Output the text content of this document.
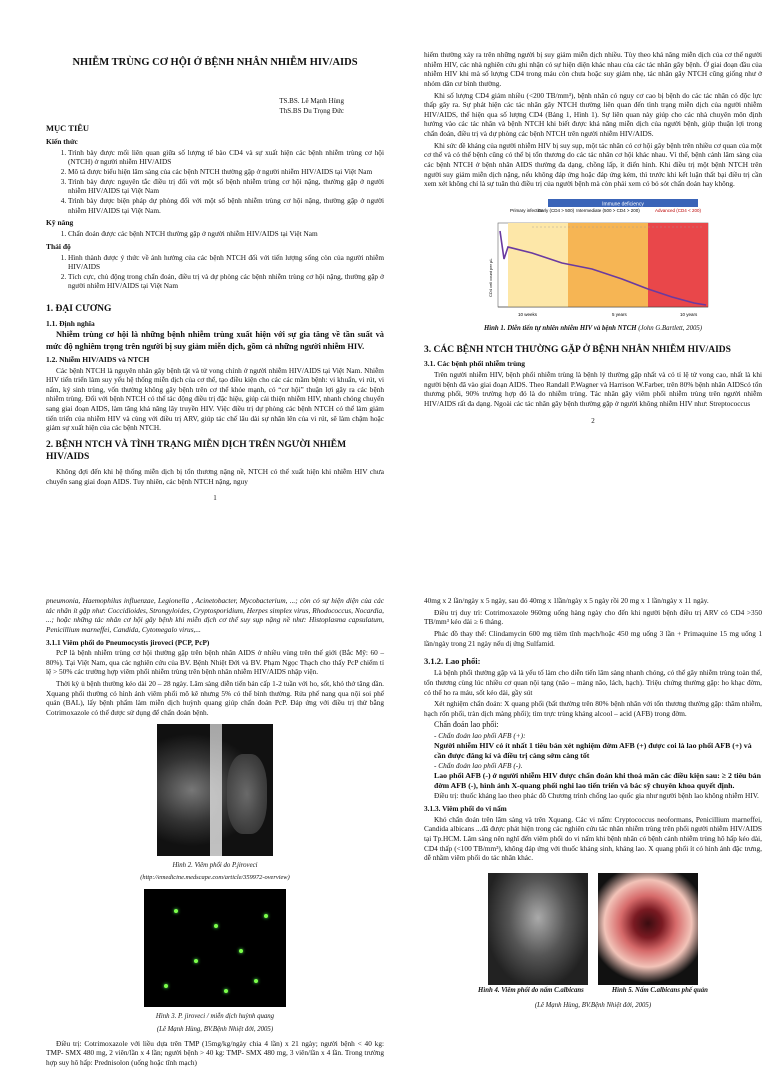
NHIỄM TRÙNG CƠ HỘI Ở BỆNH NHÂN NHIỄM HIV/AIDS
TS.BS. Lê Mạnh Hùng
ThS.BS Du Trọng Đức
MỤC TIÊU
Kiến thức
1. Trình bày được mối liên quan giữa số lượng tế bào CD4 và sự xuất hiện các bệnh nhiễm trùng cơ hội (NTCH) ở người nhiễm HIV/AIDS
2. Mô tả được biểu hiện lâm sàng của các bệnh NTCH thường gặp ở người nhiễm HIV/AIDS tại Việt Nam
3. Trình bày được nguyên tắc điều trị đối với một số bệnh nhiễm trùng cơ hội nặng, thường gặp ở người nhiễm HIV/AIDS tại Việt Nam
4. Trình bày được biện pháp dự phòng đối với một số bệnh nhiễm trùng cơ hội nặng, thường gặp ở người nhiễm HIV/AIDS tại Việt Nam.
Kỹ năng
1. Chẩn đoán được các bệnh NTCH thường gặp ở người nhiễm HIV/AIDS tại Việt Nam
Thái độ
1. Hình thành được ý thức về ảnh hưởng của các bệnh NTCH đối với tiến lượng sống còn của người nhiễm HIV/AIDS
2. Tích cực, chủ động trong chẩn đoán, điều trị và dự phòng các bệnh nhiễm trùng cơ hội nặng, thường gặp ở người nhiễm HIV/AIDS tại Việt Nam
1. ĐẠI CƯƠNG
1.1. Định nghĩa

Nhiễm trùng cơ hội là những bệnh nhiễm trùng xuất hiện với sự gia tăng về tần suất và mức độ nghiêm trọng trên người bị suy giảm miễn dịch, gồm cả những người nhiễm HIV.

1.2. Nhiễm HIV/AIDS và NTCH

Các bệnh NTCH là nguyên nhân gây bệnh tật và tử vong chính ở người nhiễm HIV/AIDS tại Việt Nam. Nhiễm HIV tiến triển làm suy yếu hệ thống miễn dịch của cơ thể, tạo điều kiện cho các các mầm bệnh: vi khuẩn, vi rút, vi nấm, ký sinh trùng, vốn thường không gây bệnh trên cơ thể khỏe mạnh, có “cơ hội” thuận lợi gây ra các bệnh nhiễm trùng. Đối với bệnh NTCH có thể tác động điều trị đặc hiệu, giúp cải thiện nhiễm HIV, nhanh chóng chuyển sang giai đoạn AIDS, làm tăng khả năng lây truyền HIV. Việc điều trị dự phòng các bệnh NTCH có thể làm giảm tiến triển của nhiễm HIV và cùng với điều trị ARV, giúp tác chế lâu dài sự nhân lên của vi rút, sẽ làm chậm hoặc giảm sự xuất hiện của các bệnh NTCH.

2. BỆNH NTCH VÀ TÌNH TRẠNG MIỄN DỊCH TRÊN NGƯỜI NHIỄM HIV/AIDS

Không đợi đến khi hệ thống miễn dịch bị tổn thương nặng nề, NTCH có thể xuất hiện khi nhiễm HIV chưa chuyển sang giai đoạn AIDS. Tuy nhiên, các bệnh NTCH nặng, nguy

1

hiểm thường xảy ra trên những người bị suy giảm miễn dịch nhiều. Tùy theo khả năng miễn dịch của cơ thể người nhiễm HIV, các nhà nghiên cứu ghi nhận có sự hiện diện khác nhau của các tác nhân gây bệnh. Ở giai đoạn đầu của nhiễm HIV khi mà số lượng CD4 trong máu còn chưa hoặc suy giảm nhẹ, tác nhân gây NTCH cũng giống như ở nhóm dân cư bình thường.

Khi số lượng CD4 giảm nhiều (<200 TB/mm³), bệnh nhân có nguy cơ cao bị bệnh do các tác nhân có độc lực thấp gây ra. Sự phát hiện các tác nhân gây NTCH thường liên quan đến tình trạng miễn dịch của người nhiễm HIV/AIDS, thể hiện qua số lượng CD4 (Bảng 1, Hình 1). Sự liên quan này giúp cho các nhà chuyên môn định hướng vào các tác nhân và bệnh NTCH khi biết được khả năng miễn dịch của người bệnh, giúp thuận lợi trong chẩn đoán, điều trị và dự phòng các bệnh NTCH trên người nhiễm HIV/AIDS.

Khi sức đề kháng của người nhiễm HIV bị suy sụp, một tác nhân có cơ hội gây bệnh trên nhiều cơ quan của một cơ thể và có thể bệnh cũng có thể bị tổn thương do các tác nhân cơ hội khác nhau. Vì thế, bệnh cảnh lâm sàng của các bệnh NTCH ở bệnh nhân AIDS thường đa dạng, chồng lấp, ít điển hình. Khi điều trị một bệnh NTCH trên người suy giảm miễn dịch nặng, nếu không đáp ứng hoặc đáp ứng kém, thì trước khi kết luận thất bại điều trị cần xem xét không chỉ là sự tuân thủ điều trị của người bệnh mà còn phải xem có bỏ sót chẩn đoán hay không.

Immune deficiency
Primary infection
Early (CD4 > 500) Intermediate (500 > CD4 > 200)	Advanced (CD4 < 200)
CD4 cell count per µL
10 weeks	5 years	10 years
Hình 1. Diễn tiến tự nhiên nhiễm HIV và bệnh NTCH (John G.Bartlett, 2005)
3. CÁC BỆNH NTCH THƯỜNG GẶP Ở BỆNH NHÂN NHIỄM HIV/AIDS
3.1. Các bệnh phổi nhiễm trùng

Trên người nhiễm HIV, bệnh phổi nhiễm trùng là bệnh lý thường gặp nhất và có tỉ lệ tử vong cao, nhất là khi người bệnh đã vào giai đoạn AIDS. Theo Randall P.Wagner và Harrison W.Farber, trên 80% bệnh nhân AIDScó tổn thương phổi, 90% trường hợp đó là do nhiễm trùng. Tác nhân gây viêm phổi nhiễm trùng trên người nhiễm HIV/AIDS rất đa dạng. Ngoài các tác nhân gây bệnh thường gặp ở người không nhiễm HIV như: Streptococcus

2

pneumonia, Haemophilus influenzae, Legionella , Acinetobacter, Mycobacterium, ...; còn có sự hiện diện của các tác nhân ít gặp như: Coccidioides, Strongyloides, Cryptosporidium, Herpes simplex virus, Rhodococcus, Nocardia, ...; hoặc những tác nhân cơ hội gây bệnh khi miễn dịch cơ thể suy sụp nặng nề như: Histoplasma capsulatum, Penicillium marneffei, Candida, Cytomegalo virus,...

3.1.1 Viêm phổi do Pneumocystis jiroveci (PCP, PcP)

PcP là bệnh nhiễm trùng cơ hội thường gặp trên bệnh nhân AIDS ở nhiều vùng trên thế giới (Bắc Mỹ: 60 – 80%). Tại Việt Nam, qua các nghiên cứu của BV. Bệnh Nhiệt Đới và BV. Phạm Ngọc Thạch cho thấy PcP chiếm tỉ lệ > 50% các trường hợp viêm phổi nhiễm trùng trên bệnh nhân nhiễm HIV/AIDS nhập viện.

Thời kỳ ủ bệnh thường kéo dài 20 – 28 ngày. Lâm sàng diễn tiến bán cấp 1-2 tuần với ho, sốt, khó thở tăng dần. Xquang phổi thường có hình ảnh viêm phổi mô kẽ nhưng 5% có thể bình thường. Rửa phế nang qua nội soi phế quản (BAL), lấy bệnh phẩm làm miễn dịch huỳnh quang giúp chẩn đoán PcP. Đáp ứng với điều trị thử bằng Cotrimoxazole có thể được sử dụng để chẩn đoán bệnh.

Hình 2. Viêm phổi do P.jiroveci
(http://emedicine.medscape.com/article/359972-overview)
Hình 3. P. jiroveci / miễn dịch huỳnh quang
(Lê Mạnh Hùng, BV.Bệnh Nhiệt đới, 2005)

Điều trị: Cotrimoxazole với liều dựa trên TMP (15mg/kg/ngày chia 4 lần) x 21 ngày; người bệnh < 40 kg: TMP- SMX 480 mg, 2 viên/lần x 4 lần; người bệnh > 40 kg: TMP- SMX 480 mg, 3 viên/lần x 4 lần. Trong trường hợp suy hô hấp: Prednisolon (uống hoặc tĩnh mạch)

40mg x 2 lần/ngày x 5 ngày, sau đó 40mg x 1lần/ngày x 5 ngày rồi 20 mg x 1 lần/ngày x 11 ngày.

Điều trị duy trì: Cotrimoxazole 960mg uống hàng ngày cho đến khi người bệnh điều trị ARV có CD4 >350 TB/mm³ kéo dài ≥ 6 tháng.

Phác đồ thay thế: Clindamycin 600 mg tiêm tĩnh mạch/hoặc 450 mg uống 3 lần + Primaquine 15 mg uống 1 lần/ngày trong 21 ngày nếu dị ứng Sulfamid.

3.1.2. Lao phổi:

Là bệnh phổi thường gặp và là yếu tố làm cho diễn tiến lâm sàng nhanh chóng, có thể gây nhiễm trùng toàn thể, tổn thương cùng lúc nhiều cơ quan nội tạng (não – màng não, lách, hạch). Triệu chứng thường gặp: ho khạc đờm, có thể ho ra máu, sốt kéo dài, gầy sút

Xét nghiệm chẩn đoán: X quang phổi (bất thường trên 80% bệnh nhân với tổn thương thường gặp: thâm nhiễm, hạch rốn phổi, tràn dịch màng phổi); tìm trực trùng kháng alcool – acid (AFB) trong đờm.

Chẩn đoán lao phổi:
- Chẩn đoán lao phổi AFB (+):
Người nhiễm HIV có ít nhất 1 tiêu bản xét nghiệm đờm AFB (+) được coi là lao phổi AFB (+) và cần được đăng kí và điều trị càng sớm càng tốt
- Chẩn đoán lao phổi AFB (-).
Lao phổi AFB (-) ở người nhiễm HIV được chẩn đoán khi thoả mãn các điều kiện sau: ≥ 2 tiêu bản đờm AFB (-), hình ảnh X-quang phổi nghi lao tiến triển và bác sỹ chuyên khoa quyết định.

Điều trị: thuốc kháng lao theo phác đồ Chương trình chống lao quốc gia như người bệnh lao không nhiễm HIV.

3.1.3. Viêm phổi do vi nấm

Khó chẩn đoán trên lâm sàng và trên Xquang. Các vi nấm: Cryptococcus neoformans, Penicillium marneffei, Candida albicans ...đã được phát hiện trong các nghiên cứu tác nhân nhiễm trùng trên phổi người nhiễm HIV/AIDS tại Tp.HCM. Lâm sàng nên nghĩ đến viêm phổi do vi nấm khi bệnh nhân có bệnh cảnh nhiễm trùng hô hấp kéo dài, CD4 thấp (<100 TB/mm³), không đáp ứng với thuốc kháng sinh, kháng lao. X quang phổi ít có hình ảnh đặc trưng, dễ nhầm viêm phổi do tác nhân khác.

Hình 4. Viêm phổi do nấm C.albicans	Hình 5. Nấm C.albicans phế quản
(Lê Mạnh Hùng, BV.Bệnh Nhiệt đới, 2005)
